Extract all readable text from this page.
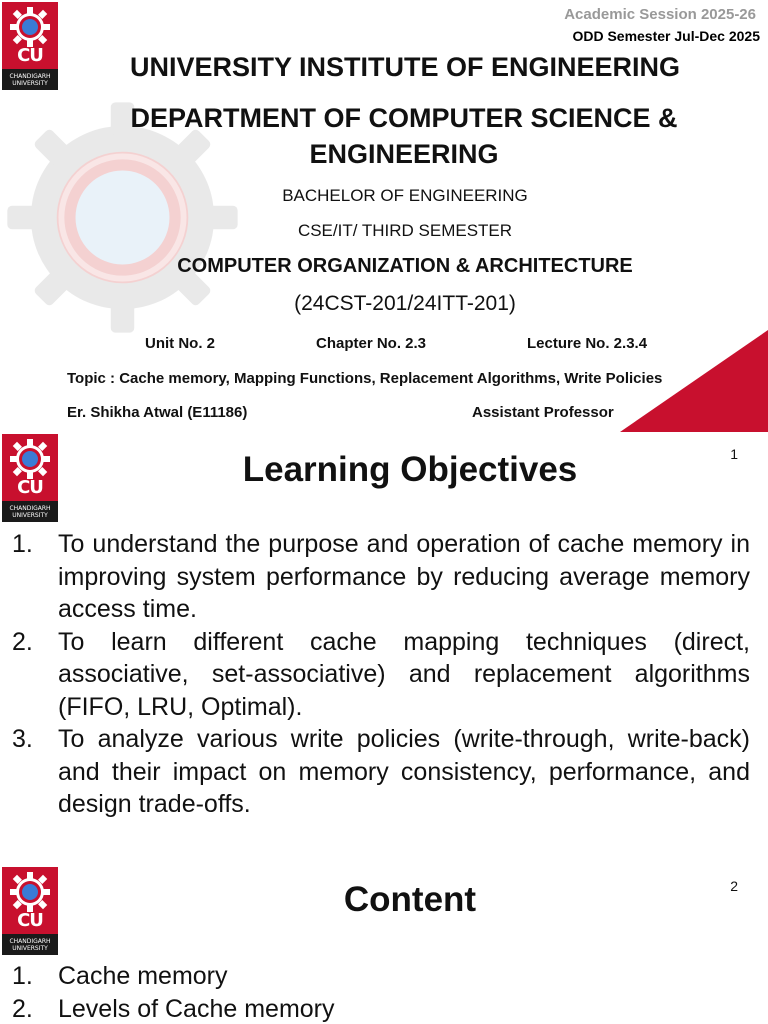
CU
CHANDIGARH
UNIVERSITY
Academic Session 2025-26
ODD Semester Jul-Dec 2025
UNIVERSITY INSTITUTE OF ENGINEERING
DEPARTMENT OF COMPUTER SCIENCE & ENGINEERING
BACHELOR OF ENGINEERING
CSE/IT/ THIRD SEMESTER
COMPUTER ORGANIZATION & ARCHITECTURE
(24CST-201/24ITT-201)
Unit No. 2	Chapter No. 2.3	Lecture No. 2.3.4
Topic : Cache memory, Mapping Functions, Replacement Algorithms, Write Policies
Er. Shikha Atwal (E11186)	Assistant Professor
CU
CHANDIGARH
UNIVERSITY
Learning Objectives	1
1.	To understand the purpose and operation of cache memory in improving system performance by reducing average memory access time.
2.	To learn different cache mapping techniques (direct, associative, set-associative) and replacement algorithms (FIFO, LRU, Optimal).
3.	To analyze various write policies (write-through, write-back) and their impact on memory consistency, performance, and design trade-offs.
CU
CHANDIGARH
UNIVERSITY
Content	2
1.	Cache memory
2.	Levels of Cache memory
